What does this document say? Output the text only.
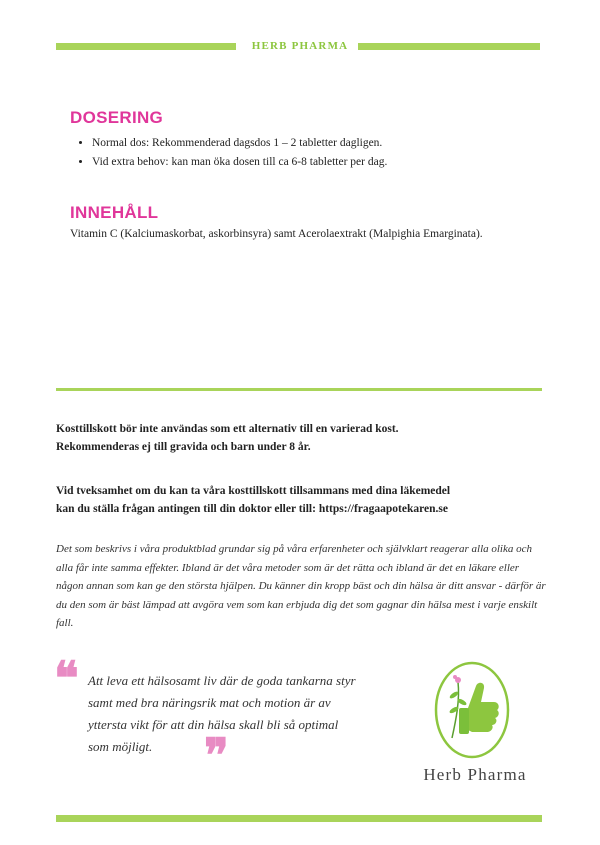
HERB PHARMA
DOSERING
• Normal dos: Rekommenderad dagsdos 1 – 2 tabletter dagligen.
• Vid extra behov: kan man öka dosen till ca 6-8 tabletter per dag.
INNEHÅLL
Vitamin C (Kalciumaskorbat, askorbinsyra) samt Acerolaextrakt (Malpighia Emarginata).
Kosttillskott bör inte användas som ett alternativ till en varierad kost.
Rekommenderas ej till gravida och barn under 8 år.
Vid tveksamhet om du kan ta våra kosttillskott tillsammans med dina läkemedel
kan du ställa frågan antingen till din doktor eller till: https://fragaapotekaren.se
Det som beskrivs i våra produktblad grundar sig på våra erfarenheter och självklart reagerar alla olika och alla får inte samma effekter. Ibland är det våra metoder som är det rätta och ibland är det en läkare eller någon annan som kan ge den största hjälpen. Du känner din kropp bäst och din hälsa är ditt ansvar - därför är du den som är bäst lämpad att avgöra vem som kan erbjuda dig det som gagnar din hälsa mest i varje enskilt fall.
❝ Att leva ett hälsosamt liv där de goda tankarna styr samt med bra näringsrik mat och motion är av yttersta vikt för att din hälsa skall bli så optimal som möjligt.	❞	Herb Pharma
